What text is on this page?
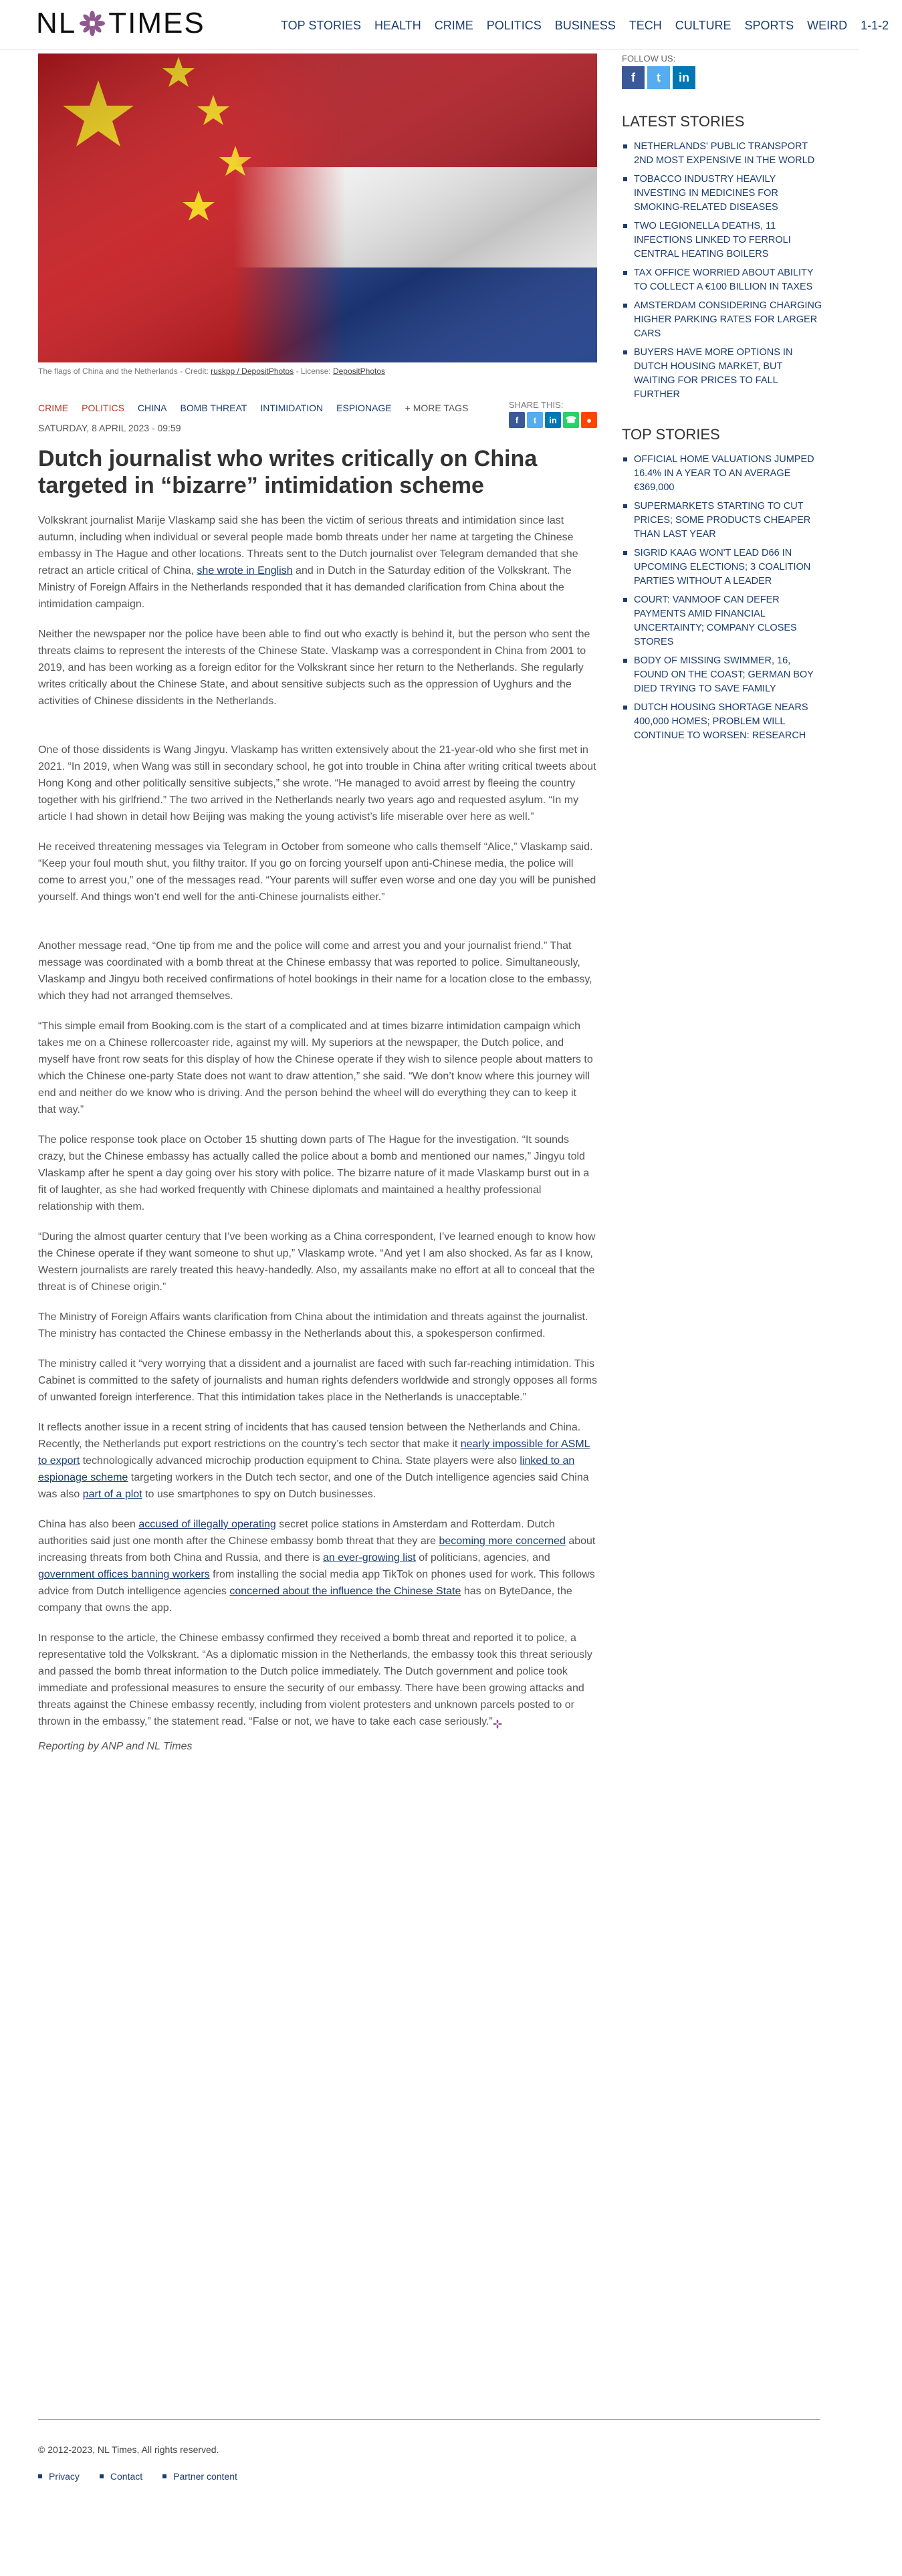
NL TIMES	TOP STORIES HEALTH CRIME POLITICS BUSINESS TECH CULTURE SPORTS WEIRD 1-1-2
The flags of China and the Netherlands - Credit: ruskpp / DepositPhotos - License: DepositPhotos
CRIME POLITICS CHINA BOMB THREAT INTIMIDATION ESPIONAGE + MORE TAGS	SHARE THIS:
f	t	in	☎	●
SATURDAY, 8 APRIL 2023 - 09:59
Dutch journalist who writes critically on China targeted in “bizarre” intimidation scheme

Volkskrant journalist Marije Vlaskamp said she has been the victim of serious threats and intimidation since last autumn, including when individual or several people made bomb threats under her name at targeting the Chinese embassy in The Hague and other locations. Threats sent to the Dutch journalist over Telegram demanded that she retract an article critical of China, she wrote in English and in Dutch in the Saturday edition of the Volkskrant. The Ministry of Foreign Affairs in the Netherlands responded that it has demanded clarification from China about the intimidation campaign.

Neither the newspaper nor the police have been able to find out who exactly is behind it, but the person who sent the threats claims to represent the interests of the Chinese State. Vlaskamp was a correspondent in China from 2001 to 2019, and has been working as a foreign editor for the Volkskrant since her return to the Netherlands. She regularly writes critically about the Chinese State, and about sensitive subjects such as the oppression of Uyghurs and the activities of Chinese dissidents in the Netherlands.

One of those dissidents is Wang Jingyu. Vlaskamp has written extensively about the 21-year-old who she first met in 2021. “In 2019, when Wang was still in secondary school, he got into trouble in China after writing critical tweets about Hong Kong and other politically sensitive subjects,” she wrote. “He managed to avoid arrest by fleeing the country together with his girlfriend.” The two arrived in the Netherlands nearly two years ago and requested asylum. “In my article I had shown in detail how Beijing was making the young activist’s life miserable over here as well.”

He received threatening messages via Telegram in October from someone who calls themself “Alice,” Vlaskamp said. “Keep your foul mouth shut, you filthy traitor. If you go on forcing yourself upon anti-Chinese media, the police will come to arrest you,” one of the messages read. “Your parents will suffer even worse and one day you will be punished yourself. And things won’t end well for the anti-Chinese journalists either.”

Another message read, “One tip from me and the police will come and arrest you and your journalist friend.” That message was coordinated with a bomb threat at the Chinese embassy that was reported to police. Simultaneously, Vlaskamp and Jingyu both received confirmations of hotel bookings in their name for a location close to the embassy, which they had not arranged themselves.

“This simple email from Booking.com is the start of a complicated and at times bizarre intimidation campaign which takes me on a Chinese rollercoaster ride, against my will. My superiors at the newspaper, the Dutch police, and myself have front row seats for this display of how the Chinese operate if they wish to silence people about matters to which the Chinese one-party State does not want to draw attention,” she said. “We don’t know where this journey will end and neither do we know who is driving. And the person behind the wheel will do everything they can to keep it that way.”

The police response took place on October 15 shutting down parts of The Hague for the investigation. “It sounds crazy, but the Chinese embassy has actually called the police about a bomb and mentioned our names,” Jingyu told Vlaskamp after he spent a day going over his story with police. The bizarre nature of it made Vlaskamp burst out in a fit of laughter, as she had worked frequently with Chinese diplomats and maintained a healthy professional relationship with them.

“During the almost quarter century that I’ve been working as a China correspondent, I’ve learned enough to know how the Chinese operate if they want someone to shut up,” Vlaskamp wrote. “And yet I am also shocked. As far as I know, Western journalists are rarely treated this heavy-handedly. Also, my assailants make no effort at all to conceal that the threat is of Chinese origin.”

The Ministry of Foreign Affairs wants clarification from China about the intimidation and threats against the journalist. The ministry has contacted the Chinese embassy in the Netherlands about this, a spokesperson confirmed.

The ministry called it “very worrying that a dissident and a journalist are faced with such far-reaching intimidation. This Cabinet is committed to the safety of journalists and human rights defenders worldwide and strongly opposes all forms of unwanted foreign interference. That this intimidation takes place in the Netherlands is unacceptable.”

It reflects another issue in a recent string of incidents that has caused tension between the Netherlands and China. Recently, the Netherlands put export restrictions on the country’s tech sector that make it nearly impossible for ASML to export technologically advanced microchip production equipment to China. State players were also linked to an espionage scheme targeting workers in the Dutch tech sector, and one of the Dutch intelligence agencies said China was also part of a plot to use smartphones to spy on Dutch businesses.

China has also been accused of illegally operating secret police stations in Amsterdam and Rotterdam. Dutch authorities said just one month after the Chinese embassy bomb threat that they are becoming more concerned about increasing threats from both China and Russia, and there is an ever-growing list of politicians, agencies, and government offices banning workers from installing the social media app TikTok on phones used for work. This follows advice from Dutch intelligence agencies concerned about the influence the Chinese State has on ByteDance, the company that owns the app.

In response to the article, the Chinese embassy confirmed they received a bomb threat and reported it to police, a representative told the Volkskrant. “As a diplomatic mission in the Netherlands, the embassy took this threat seriously and passed the bomb threat information to the Dutch police immediately. The Dutch government and police took immediate and professional measures to ensure the security of our embassy. There have been growing attacks and threats against the Chinese embassy recently, including from violent protesters and unknown parcels posted to or thrown in the embassy,” the statement read. “False or not, we have to take each case seriously.”

Reporting by ANP and NL Times
FOLLOW US:
f	t	in
LATEST STORIES
NETHERLANDS' PUBLIC TRANSPORT 2ND MOST EXPENSIVE IN THE WORLD
TOBACCO INDUSTRY HEAVILY INVESTING IN MEDICINES FOR SMOKING-RELATED DISEASES
TWO LEGIONELLA DEATHS, 11 INFECTIONS LINKED TO FERROLI CENTRAL HEATING BOILERS
TAX OFFICE WORRIED ABOUT ABILITY TO COLLECT A €100 BILLION IN TAXES
AMSTERDAM CONSIDERING CHARGING HIGHER PARKING RATES FOR LARGER CARS
BUYERS HAVE MORE OPTIONS IN DUTCH HOUSING MARKET, BUT WAITING FOR PRICES TO FALL FURTHER
TOP STORIES
OFFICIAL HOME VALUATIONS JUMPED 16.4% IN A YEAR TO AN AVERAGE €369,000
SUPERMARKETS STARTING TO CUT PRICES; SOME PRODUCTS CHEAPER THAN LAST YEAR
SIGRID KAAG WON'T LEAD D66 IN UPCOMING ELECTIONS; 3 COALITION PARTIES WITHOUT A LEADER
COURT: VANMOOF CAN DEFER PAYMENTS AMID FINANCIAL UNCERTAINTY; COMPANY CLOSES STORES
BODY OF MISSING SWIMMER, 16, FOUND ON THE COAST; GERMAN BOY DIED TRYING TO SAVE FAMILY
DUTCH HOUSING SHORTAGE NEARS 400,000 HOMES; PROBLEM WILL CONTINUE TO WORSEN: RESEARCH
© 2012-2023, NL Times, All rights reserved.
Privacy	Contact	Partner content
